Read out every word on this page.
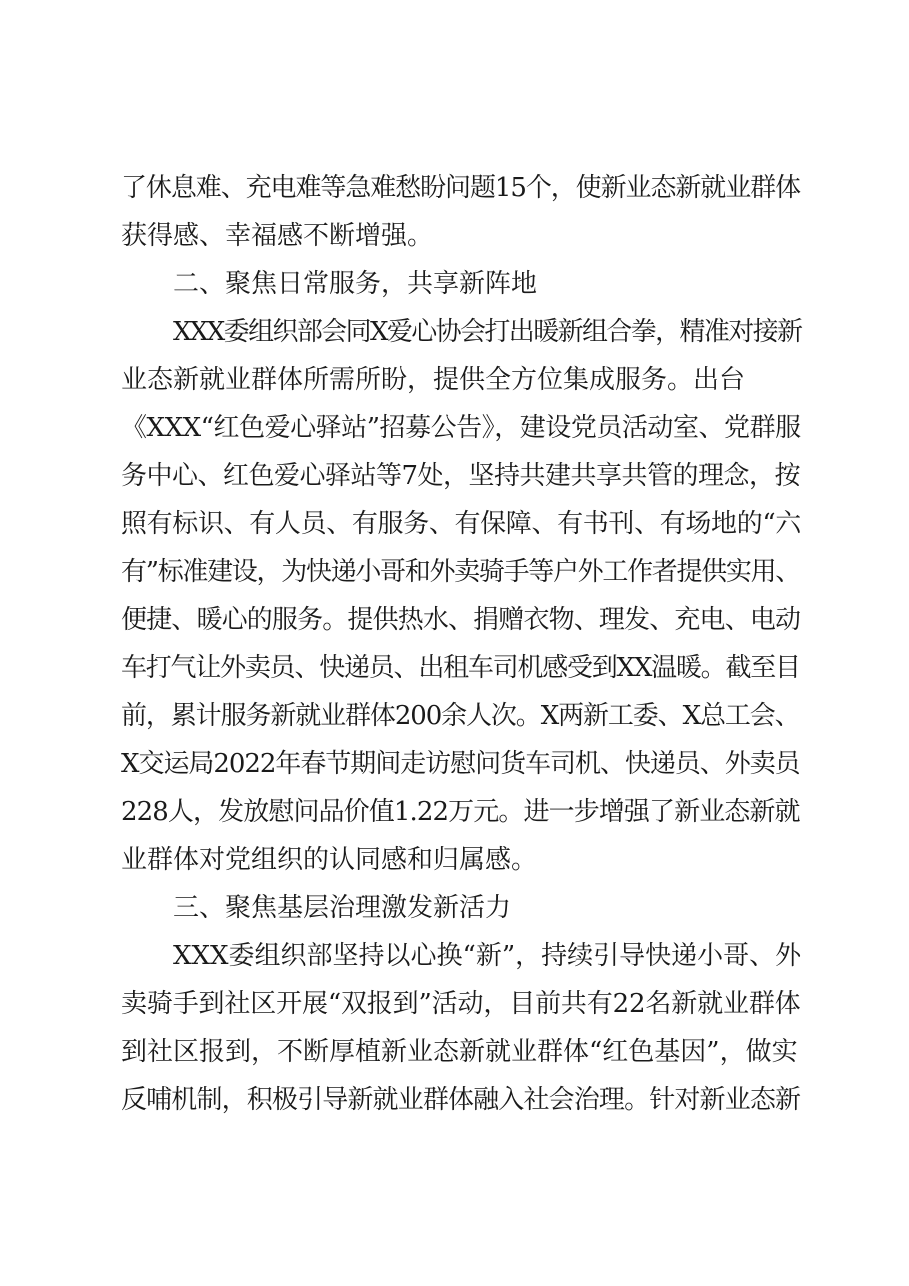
了休息难、充电难等急难愁盼问题15个，使新业态新就业群体
获得感、幸福感不断增强。
二、聚焦日常服务，共享新阵地
XXX委组织部会同X爱心协会打出暖新组合拳，精准对接新
业态新就业群体所需所盼，提供全方位集成服务。出台
《XXX“红色爱心驿站”招募公告》，建设党员活动室、党群服
务中心、红色爱心驿站等7处，坚持共建共享共管的理念，按
照有标识、有人员、有服务、有保障、有书刊、有场地的“六
有”标准建设，为快递小哥和外卖骑手等户外工作者提供实用、
便捷、暖心的服务。提供热水、捐赠衣物、理发、充电、电动
车打气让外卖员、快递员、出租车司机感受到XX温暖。截至目
前，累计服务新就业群体200余人次。X两新工委、X总工会、
X交运局2022年春节期间走访慰问货车司机、快递员、外卖员
228人，发放慰问品价值1.22万元。进一步增强了新业态新就
业群体对党组织的认同感和归属感。
三、聚焦基层治理激发新活力
XXX委组织部坚持以心换“新”，持续引导快递小哥、外
卖骑手到社区开展“双报到”活动，目前共有22名新就业群体
到社区报到，不断厚植新业态新就业群体“红色基因”，做实
反哺机制，积极引导新就业群体融入社会治理。针对新业态新
